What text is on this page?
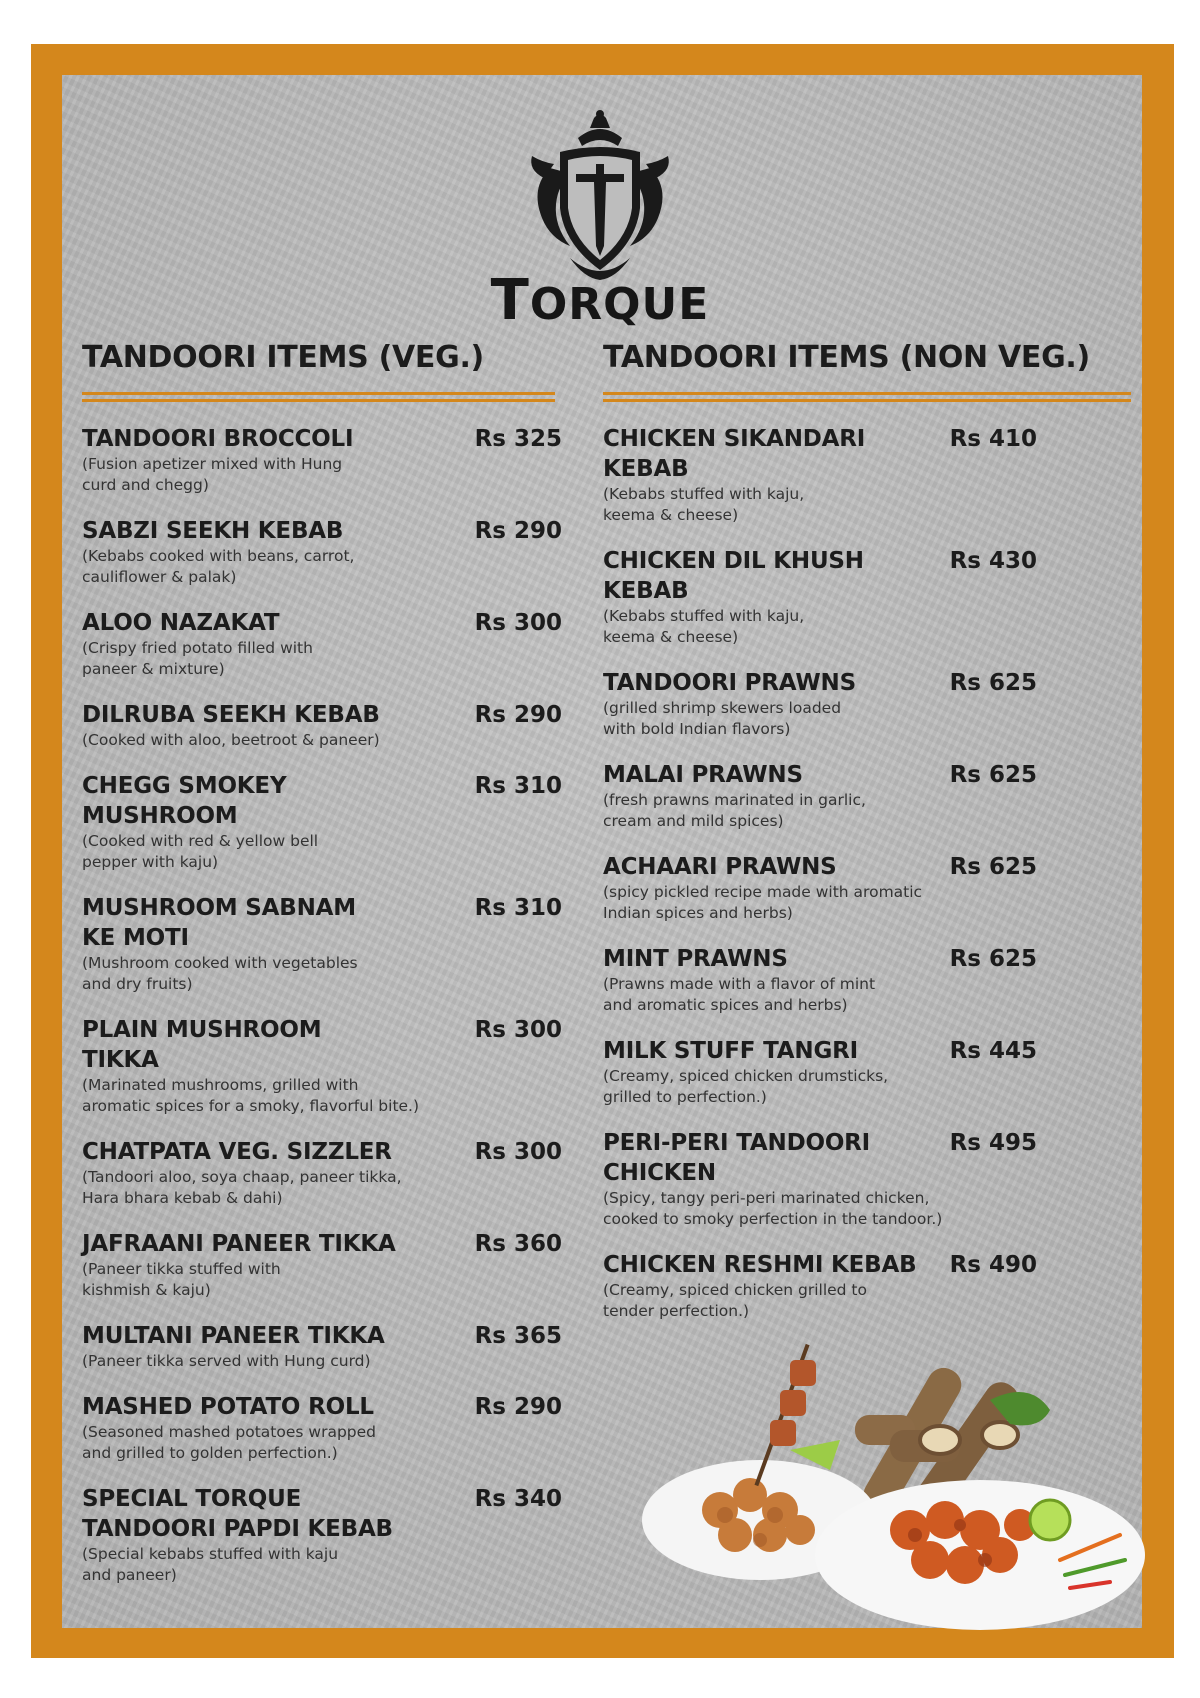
TORQUE
TANDOORI ITEMS (VEG.)	TANDOORI ITEMS (NON VEG.)
TANDOORI BROCCOLI	Rs 325
(Fusion apetizer mixed with Hung
curd and chegg)
SABZI SEEKH KEBAB	Rs 290
(Kebabs cooked with beans, carrot,
cauliflower & palak)
ALOO NAZAKAT	Rs 300
(Crispy fried potato filled with
paneer & mixture)
DILRUBA SEEKH KEBAB	Rs 290
(Cooked with aloo, beetroot & paneer)
CHEGG SMOKEY
MUSHROOM
Rs 310
(Cooked with red & yellow bell
pepper with kaju)
MUSHROOM SABNAM
KE MOTI
Rs 310
(Mushroom cooked with vegetables
and dry fruits)
PLAIN MUSHROOM
TIKKA
Rs 300
(Marinated mushrooms, grilled with
aromatic spices for a smoky, flavorful bite.)
CHATPATA VEG. SIZZLER	Rs 300
(Tandoori aloo, soya chaap, paneer tikka,
Hara bhara kebab & dahi)
JAFRAANI PANEER TIKKA	Rs 360
(Paneer tikka stuffed with
kishmish & kaju)
MULTANI PANEER TIKKA	Rs 365
(Paneer tikka served with Hung curd)
MASHED POTATO ROLL	Rs 290
(Seasoned mashed potatoes wrapped
and grilled to golden perfection.)
SPECIAL TORQUE
TANDOORI PAPDI KEBAB
Rs 340
(Special kebabs stuffed with kaju
and paneer)
CHICKEN SIKANDARI
KEBAB
Rs 410
(Kebabs stuffed with kaju,
keema & cheese)
CHICKEN DIL KHUSH
KEBAB
Rs 430
(Kebabs stuffed with kaju,
keema & cheese)
TANDOORI PRAWNS	Rs 625
(grilled shrimp skewers loaded
with bold Indian flavors)
MALAI PRAWNS	Rs 625
(fresh prawns marinated in garlic,
cream and mild spices)
ACHAARI PRAWNS	Rs 625
(spicy pickled recipe made with aromatic
Indian spices and herbs)
MINT PRAWNS	Rs 625
(Prawns made with a flavor of mint
and aromatic spices and herbs)
MILK STUFF TANGRI	Rs 445
(Creamy, spiced chicken drumsticks,
grilled to perfection.)
PERI-PERI TANDOORI
CHICKEN
Rs 495
(Spicy, tangy peri-peri marinated chicken,
cooked to smoky perfection in the tandoor.)
CHICKEN RESHMI KEBAB	Rs 490
(Creamy, spiced chicken grilled to
tender perfection.)
